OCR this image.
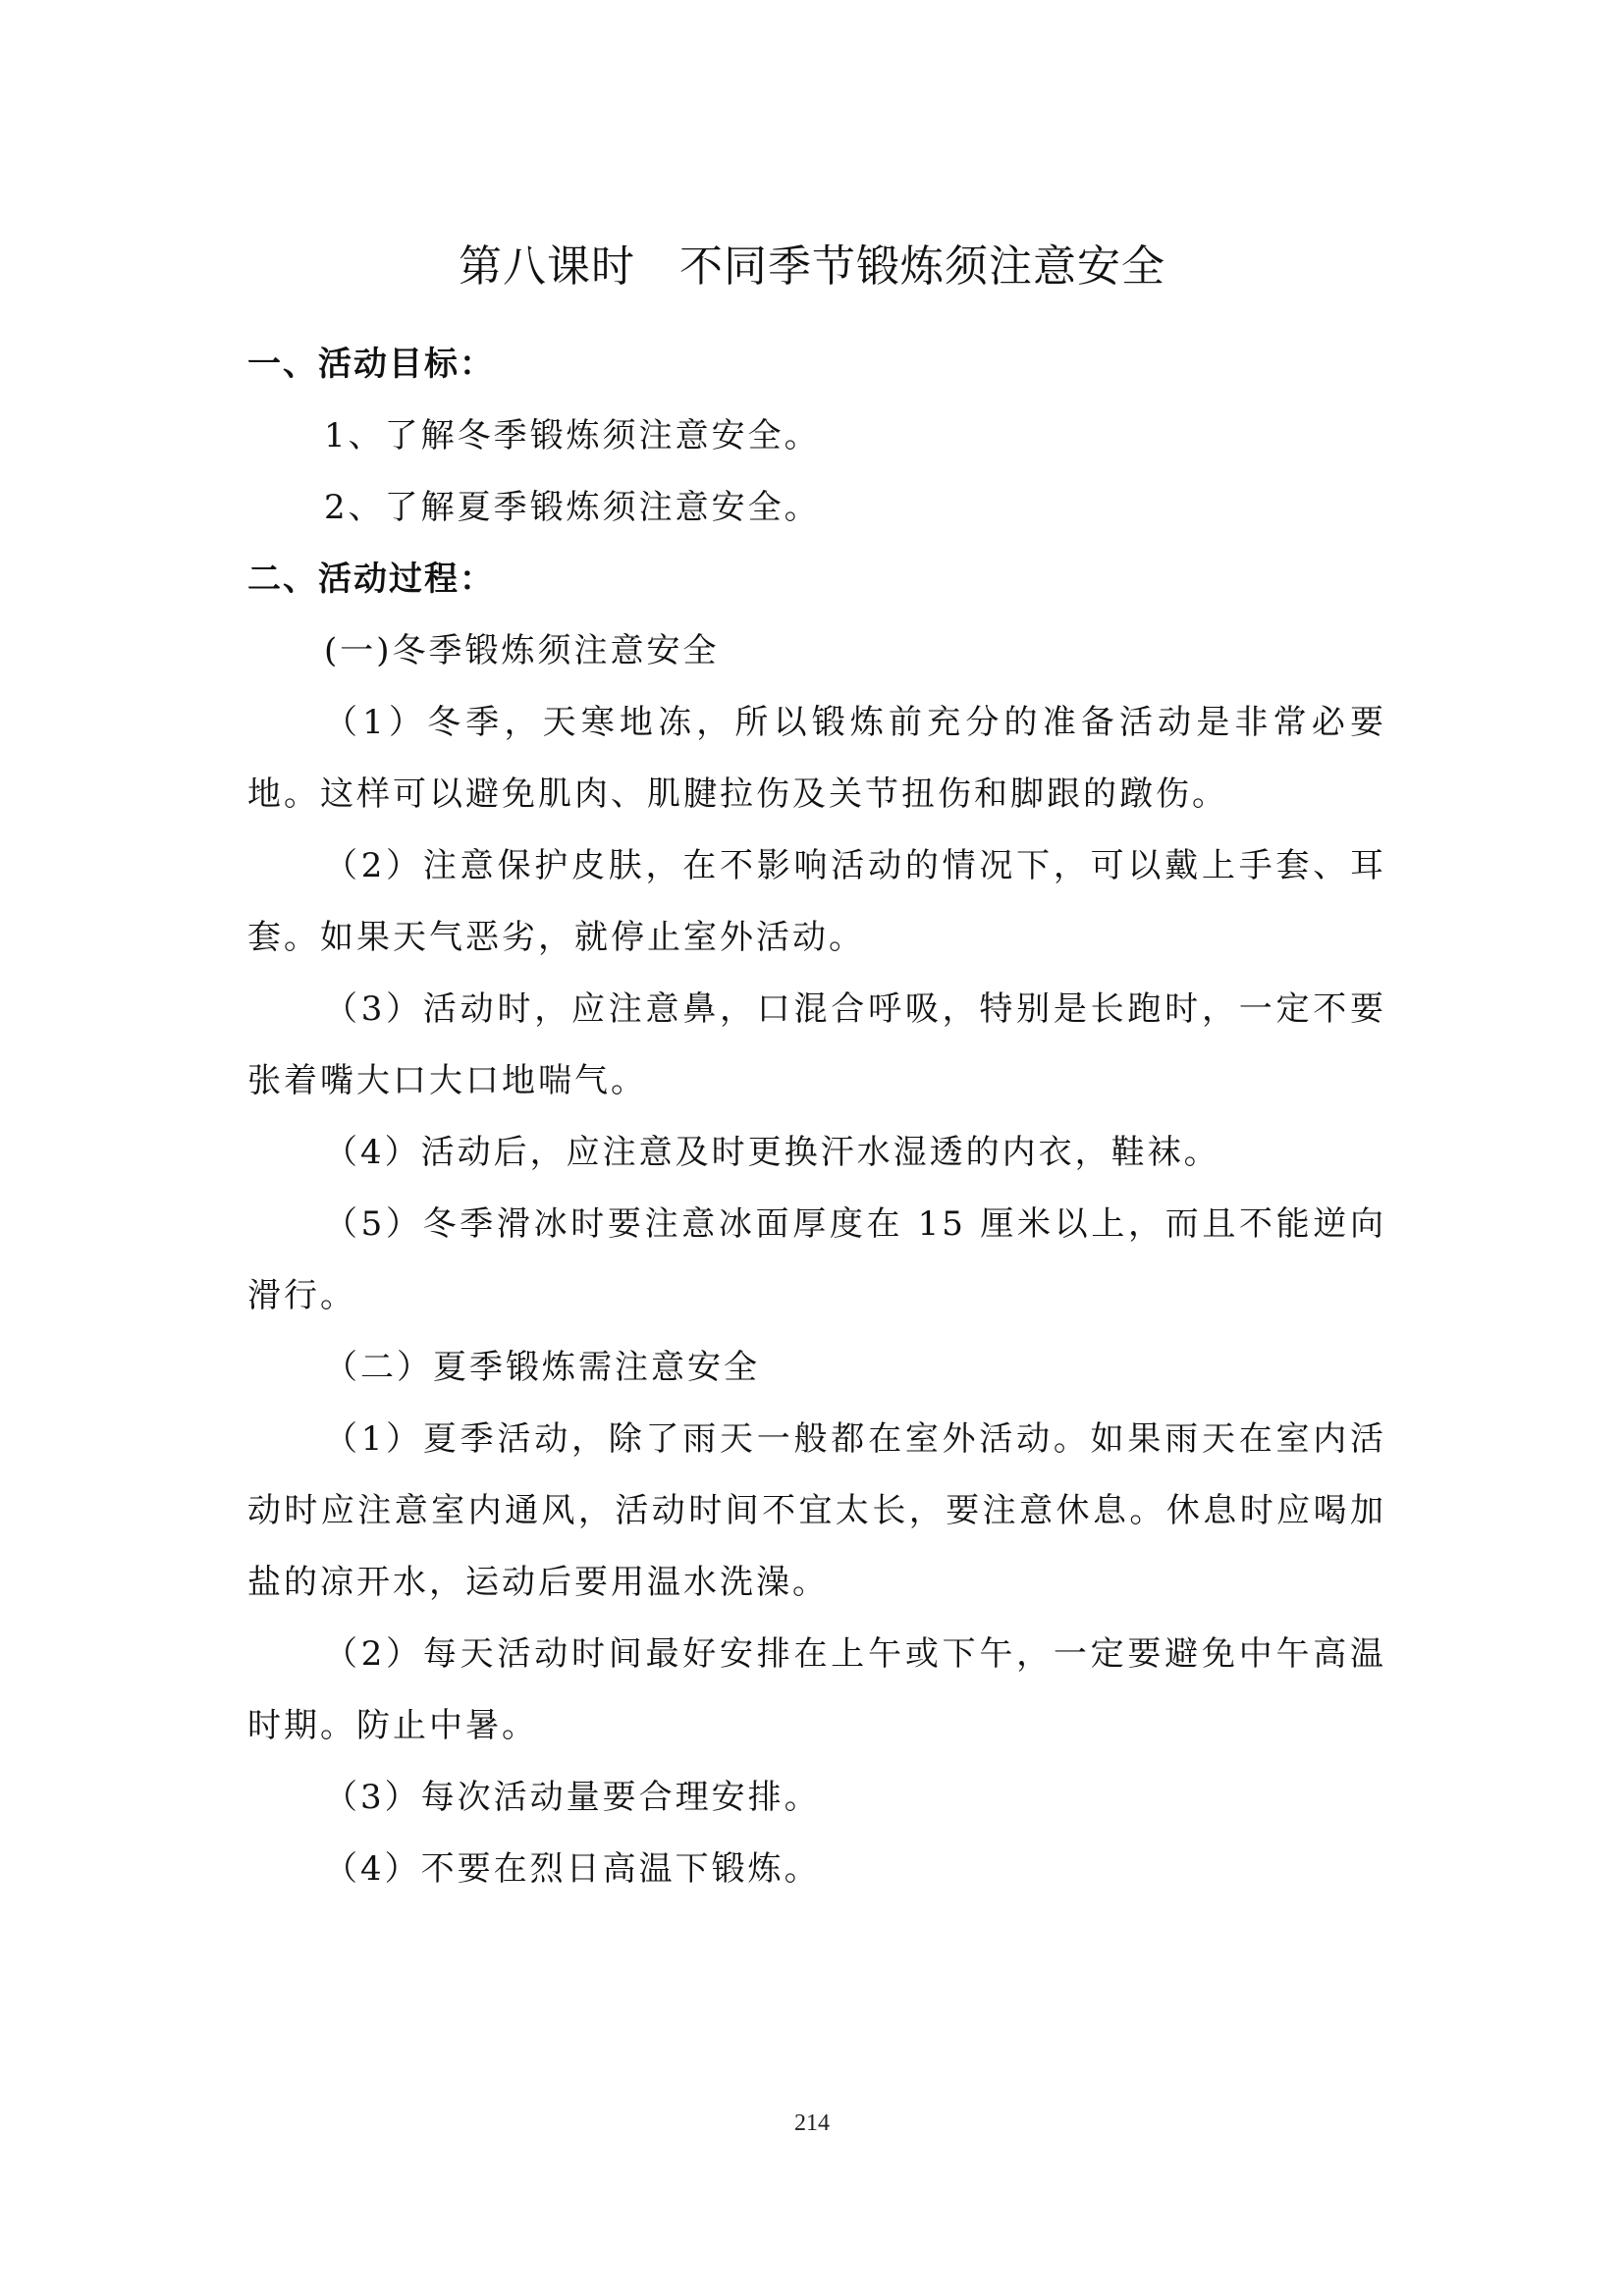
第八课时　不同季节锻炼须注意安全

一、活动目标：

1、了解冬季锻炼须注意安全。

2、了解夏季锻炼须注意安全。

二、活动过程：

(一)冬季锻炼须注意安全

（1）冬季，天寒地冻，所以锻炼前充分的准备活动是非常必要地。这样可以避免肌肉、肌腱拉伤及关节扭伤和脚跟的蹾伤。

（2）注意保护皮肤，在不影响活动的情况下，可以戴上手套、耳套。如果天气恶劣，就停止室外活动。

（3）活动时，应注意鼻，口混合呼吸，特别是长跑时，一定不要张着嘴大口大口地喘气。

（4）活动后，应注意及时更换汗水湿透的内衣，鞋袜。

（5）冬季滑冰时要注意冰面厚度在 15 厘米以上，而且不能逆向滑行。

（二）夏季锻炼需注意安全

（1）夏季活动，除了雨天一般都在室外活动。如果雨天在室内活动时应注意室内通风，活动时间不宜太长，要注意休息。休息时应喝加盐的凉开水，运动后要用温水洗澡。

（2）每天活动时间最好安排在上午或下午，一定要避免中午高温时期。防止中暑。

（3）每次活动量要合理安排。

（4）不要在烈日高温下锻炼。

214
